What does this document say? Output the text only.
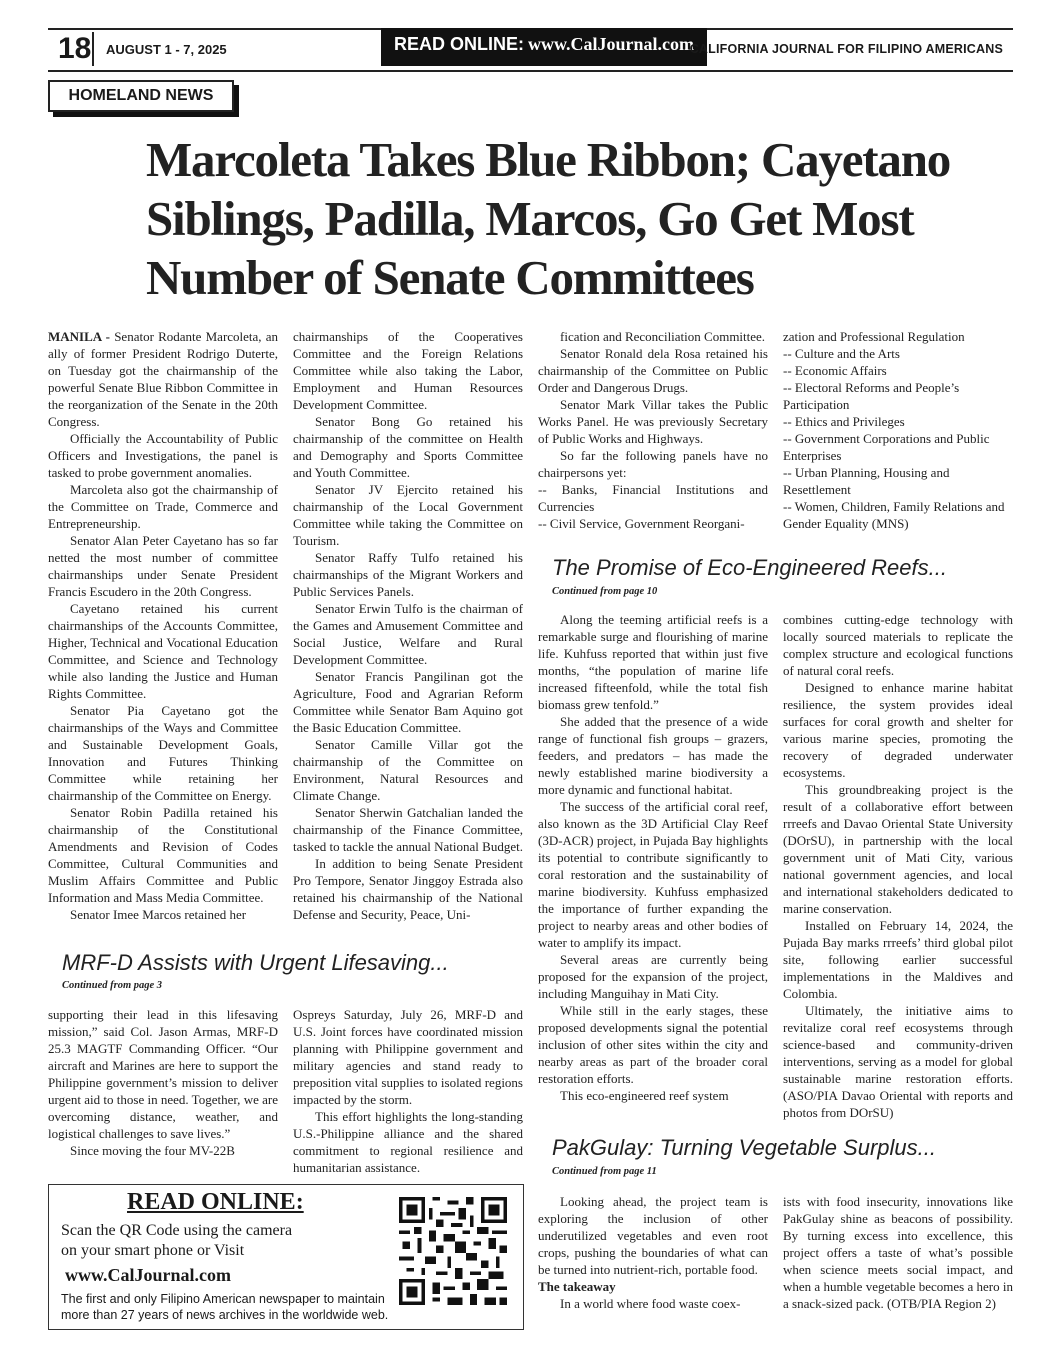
18 AUGUST 1 - 7, 2025	READ ONLINE: www.CalJournal.com
CALIFORNIA JOURNAL FOR FILIPINO AMERICANS
HOMELAND NEWS
Marcoleta Takes Blue Ribbon; Cayetano
Siblings, Padilla, Marcos, Go Get Most
Number of Senate Committees

MANILA - Senator Rodante Marcoleta, an ally of former President Rodrigo Duterte, on Tuesday got the chairmanship of the powerful Senate Blue Ribbon Committee in the reorganization of the Senate in the 20th Congress.

Officially the Accountability of Public Officers and Investigations, the panel is tasked to probe government anomalies.

Marcoleta also got the chairmanship of the Committee on Trade, Commerce and Entrepreneurship.

Senator Alan Peter Cayetano has so far netted the most number of committee chairmanships under Senate President Francis Escudero in the 20th Congress.

Cayetano retained his current chairmanships of the Accounts Committee, Higher, Technical and Vocational Education Committee, and Science and Technology while also landing the Justice and Human Rights Committee.

Senator Pia Cayetano got the chairmanships of the Ways and Committee and Sustainable Development Goals, Innovation and Futures Thinking Committee while retaining her chairmanship of the Committee on Energy.

Senator Robin Padilla retained his chairmanship of the Constitutional Amendments and Revision of Codes Committee, Cultural Communities and Muslim Affairs Committee and Public Information and Mass Media Committee.

Senator Imee Marcos retained her

chairmanships of the Cooperatives Committee and the Foreign Relations Committee while also taking the Labor, Employment and Human Resources Development Committee.

Senator Bong Go retained his chairmanship of the committee on Health and Demography and Sports Committee and Youth Committee.

Senator JV Ejercito retained his chairmanship of the Local Government Committee while taking the Committee on Tourism.

Senator Raffy Tulfo retained his chairmanships of the Migrant Workers and Public Services Panels.

Senator Erwin Tulfo is the chairman of the Games and Amusement Committee and Social Justice, Welfare and Rural Development Committee.

Senator Francis Pangilinan got the Agriculture, Food and Agrarian Reform Committee while Senator Bam Aquino got the Basic Education Committee.

Senator Camille Villar got the chairmanship of the Committee on Environment, Natural Resources and Climate Change.

Senator Sherwin Gatchalian landed the chairmanship of the Finance Committee, tasked to tackle the annual National Budget.

In addition to being Senate President Pro Tempore, Senator Jinggoy Estrada also retained his chairmanship of the National Defense and Security, Peace, Uni-

fication and Reconciliation Committee.

Senator Ronald dela Rosa retained his chairmanship of the Committee on Public Order and Dangerous Drugs.

Senator Mark Villar takes the Public Works Panel. He was previously Secretary of Public Works and Highways.

So far the following panels have no chairpersons yet:

-- Banks, Financial Institutions and Currencies

-- Civil Service, Government Reorgani-

zation and Professional Regulation

-- Culture and the Arts

-- Economic Affairs

-- Electoral Reforms and People’s Participation

-- Ethics and Privileges

-- Government Corporations and Public Enterprises

-- Urban Planning, Housing and Resettlement

-- Women, Children, Family Relations and Gender Equality (MNS)

MRF-D Assists with Urgent Lifesaving...
Continued from page 3

supporting their lead in this lifesaving mission,” said Col. Jason Armas, MRF-D 25.3 MAGTF Commanding Officer. “Our aircraft and Marines are here to support the Philippine government’s mission to deliver urgent aid to those in need. Together, we are overcoming distance, weather, and logistical challenges to save lives.”

Since moving the four MV-22B

Ospreys Saturday, July 26, MRF-D and U.S. Joint forces have coordinated mission planning with Philippine government and military agencies and stand ready to preposition vital supplies to isolated regions impacted by the storm.

This effort highlights the long-standing U.S.-Philippine alliance and the shared commitment to regional resilience and humanitarian assistance.

The Promise of Eco-Engineered Reefs...
Continued from page 10

Along the teeming artificial reefs is a remarkable surge and flourishing of marine life. Kuhfuss reported that within just five months, “the population of marine life increased fifteenfold, while the total fish biomass grew tenfold.”

She added that the presence of a wide range of functional fish groups – grazers, feeders, and predators – has made the newly established marine biodiversity a more dynamic and functional habitat.

The success of the artificial coral reef, also known as the 3D Artificial Clay Reef (3D-ACR) project, in Pujada Bay highlights its potential to contribute significantly to coral restoration and the sustainability of marine biodiversity. Kuhfuss emphasized the importance of further expanding the project to nearby areas and other bodies of water to amplify its impact.

Several areas are currently being proposed for the expansion of the project, including Manguihay in Mati City.

While still in the early stages, these proposed developments signal the potential inclusion of other sites within the city and nearby areas as part of the broader coral restoration efforts.

This eco-engineered reef system

combines cutting-edge technology with locally sourced materials to replicate the complex structure and ecological functions of natural coral reefs.

Designed to enhance marine habitat resilience, the system provides ideal surfaces for coral growth and shelter for various marine species, promoting the recovery of degraded underwater ecosystems.

This groundbreaking project is the result of a collaborative effort between rrreefs and Davao Oriental State University (DOrSU), in partnership with the local government unit of Mati City, various national government agencies, and local and international stakeholders dedicated to marine conservation.

Installed on February 14, 2024, the Pujada Bay marks rrreefs’ third global pilot site, following earlier successful implementations in the Maldives and Colombia.

Ultimately, the initiative aims to revitalize coral reef ecosystems through science-based and community-driven interventions, serving as a model for global sustainable marine restoration efforts. (ASO/PIA Davao Oriental with reports and photos from DOrSU)

PakGulay: Turning Vegetable Surplus...
Continued from page 11

Looking ahead, the project team is exploring the inclusion of other underutilized vegetables and even root crops, pushing the boundaries of what can be turned into nutrient-rich, portable food.

The takeaway

In a world where food waste coex-

ists with food insecurity, innovations like PakGulay shine as beacons of possibility. By turning excess into excellence, this project offers a taste of what’s possible when science meets social impact, and when a humble vegetable becomes a hero in a snack-sized pack. (OTB/PIA Region 2)

READ ONLINE:
Scan the QR Code using the camera on your smart phone or Visit
www.CalJournal.com
The first and only Filipino American newspaper to maintain more than 27 years of news archives in the worldwide web.
